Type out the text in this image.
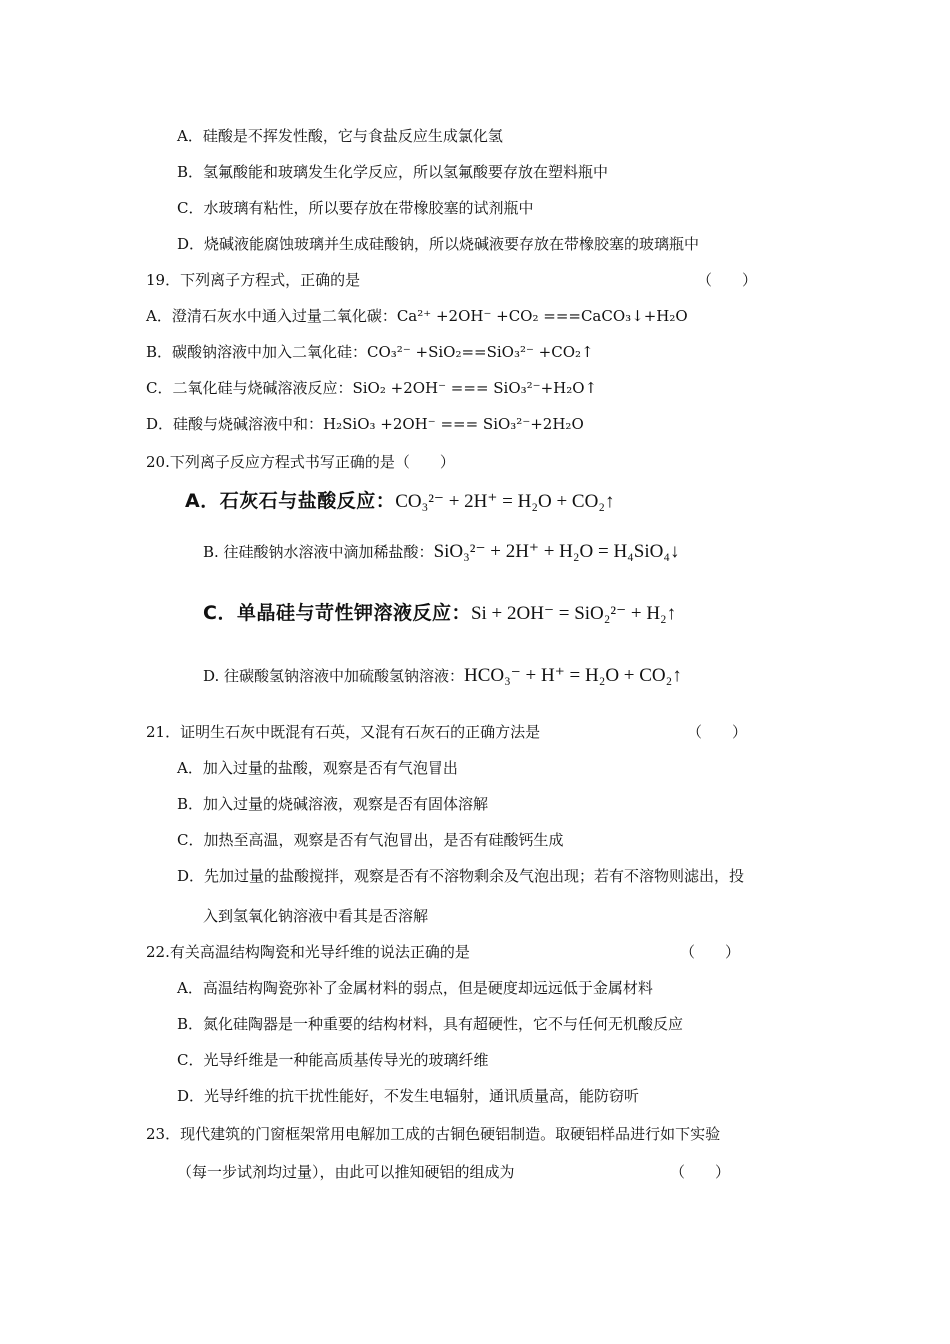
A．硅酸是不挥发性酸，它与食盐反应生成氯化氢
B．氢氟酸能和玻璃发生化学反应，所以氢氟酸要存放在塑料瓶中
C．水玻璃有粘性，所以要存放在带橡胶塞的试剂瓶中
D．烧碱液能腐蚀玻璃并生成硅酸钠，所以烧碱液要存放在带橡胶塞的玻璃瓶中
19．下列离子方程式，正确的是	（　　）
A．澄清石灰水中通入过量二氧化碳：Ca²⁺ +2OH⁻ +CO₂ ===CaCO₃↓+H₂O
B．碳酸钠溶液中加入二氧化硅：CO₃²⁻ +SiO₂==SiO₃²⁻ +CO₂↑
C．二氧化硅与烧碱溶液反应：SiO₂ +2OH⁻ === SiO₃²⁻+H₂O↑
D．硅酸与烧碱溶液中和：H₂SiO₃ +2OH⁻ === SiO₃²⁻+2H₂O
20.下列离子反应方程式书写正确的是（　　）
A．石灰石与盐酸反应：CO₃²⁻ + 2H⁺ = H₂O + CO₂↑
B. 往硅酸钠水溶液中滴加稀盐酸：SiO₃²⁻ + 2H⁺ + H₂O = H₄SiO₄↓
C．单晶硅与苛性钾溶液反应：Si + 2OH⁻ = SiO₂²⁻ + H₂↑
D. 往碳酸氢钠溶液中加硫酸氢钠溶液：HCO₃⁻ + H⁺ = H₂O + CO₂↑
21．证明生石灰中既混有石英，又混有石灰石的正确方法是	（　　）
A．加入过量的盐酸，观察是否有气泡冒出
B．加入过量的烧碱溶液，观察是否有固体溶解
C．加热至高温，观察是否有气泡冒出，是否有硅酸钙生成
D．先加过量的盐酸搅拌，观察是否有不溶物剩余及气泡出现；若有不溶物则滤出，投
入到氢氧化钠溶液中看其是否溶解
22.有关高温结构陶瓷和光导纤维的说法正确的是	（　　）
A．高温结构陶瓷弥补了金属材料的弱点，但是硬度却远远低于金属材料
B．氮化硅陶器是一种重要的结构材料，具有超硬性，它不与任何无机酸反应
C．光导纤维是一种能高质基传导光的玻璃纤维
D．光导纤维的抗干扰性能好，不发生电辐射，通讯质量高，能防窃听
23．现代建筑的门窗框架常用电解加工成的古铜色硬铝制造。取硬铝样品进行如下实验
（每一步试剂均过量），由此可以推知硬铝的组成为	（　　）
